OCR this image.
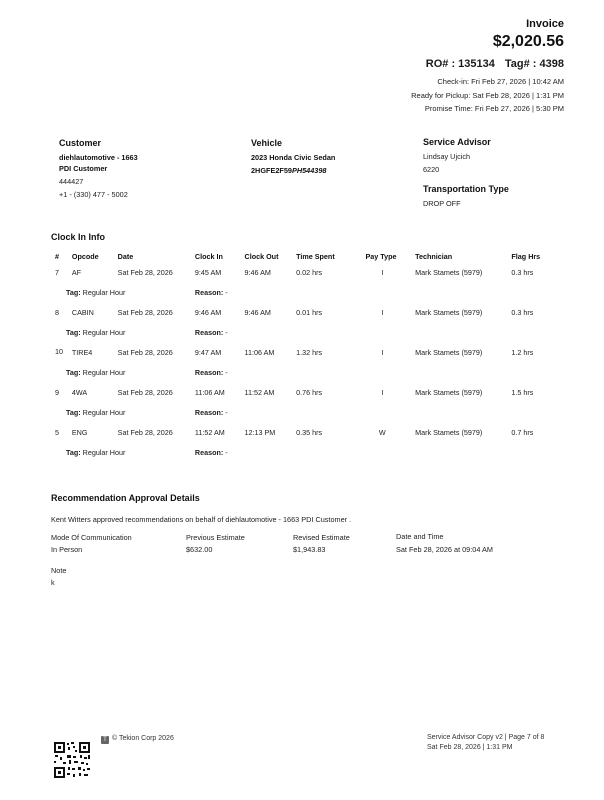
Invoice
$2,020.56
RO# : 135134 Tag# : 4398
Check-in: Fri Feb 27, 2026 | 10:42 AM
Ready for Pickup: Sat Feb 28, 2026 | 1:31 PM
Promise Time: Fri Feb 27, 2026 | 5:30 PM
Customer
diehlautomotive - 1663
PDI Customer
444427
+1 - (330) 477 - 5002
Vehicle
2023 Honda Civic Sedan
2HGFE2F59PH544398
Service Advisor
Lindsay Ujcich
6220
Transportation Type
DROP OFF
Clock In Info
#	Opcode	Date	Clock In	Clock Out	Time Spent	Pay Type	Technician	Flag Hrs
7	AF	Sat Feb 28, 2026	9:45 AM	9:46 AM	0.02 hrs	I	Mark Stamets (5979)	0.3 hrs
Tag: Regular Hour			Reason: -					
8	CABIN	Sat Feb 28, 2026	9:46 AM	9:46 AM	0.01 hrs	I	Mark Stamets (5979)	0.3 hrs
Tag: Regular Hour			Reason: -					
10	TIRE4	Sat Feb 28, 2026	9:47 AM	11:06 AM	1.32 hrs	I	Mark Stamets (5979)	1.2 hrs
Tag: Regular Hour			Reason: -					
9	4WA	Sat Feb 28, 2026	11:06 AM	11:52 AM	0.76 hrs	I	Mark Stamets (5979)	1.5 hrs
Tag: Regular Hour			Reason: -					
5	ENG	Sat Feb 28, 2026	11:52 AM	12:13 PM	0.35 hrs	W	Mark Stamets (5979)	0.7 hrs
Tag: Regular Hour			Reason: -					
Recommendation Approval Details
Kent Witters approved recommendations on behalf of diehlautomotive - 1663 PDI Customer .
Mode Of Communication
In Person
Previous Estimate
$632.00
Revised Estimate
$1,943.83
Date and Time
Sat Feb 28, 2026 at 09:04 AM
Note
k
T © Tekion Corp 2026	Service Advisor Copy v2 | Page 7 of 8
Sat Feb 28, 2026 | 1:31 PM
